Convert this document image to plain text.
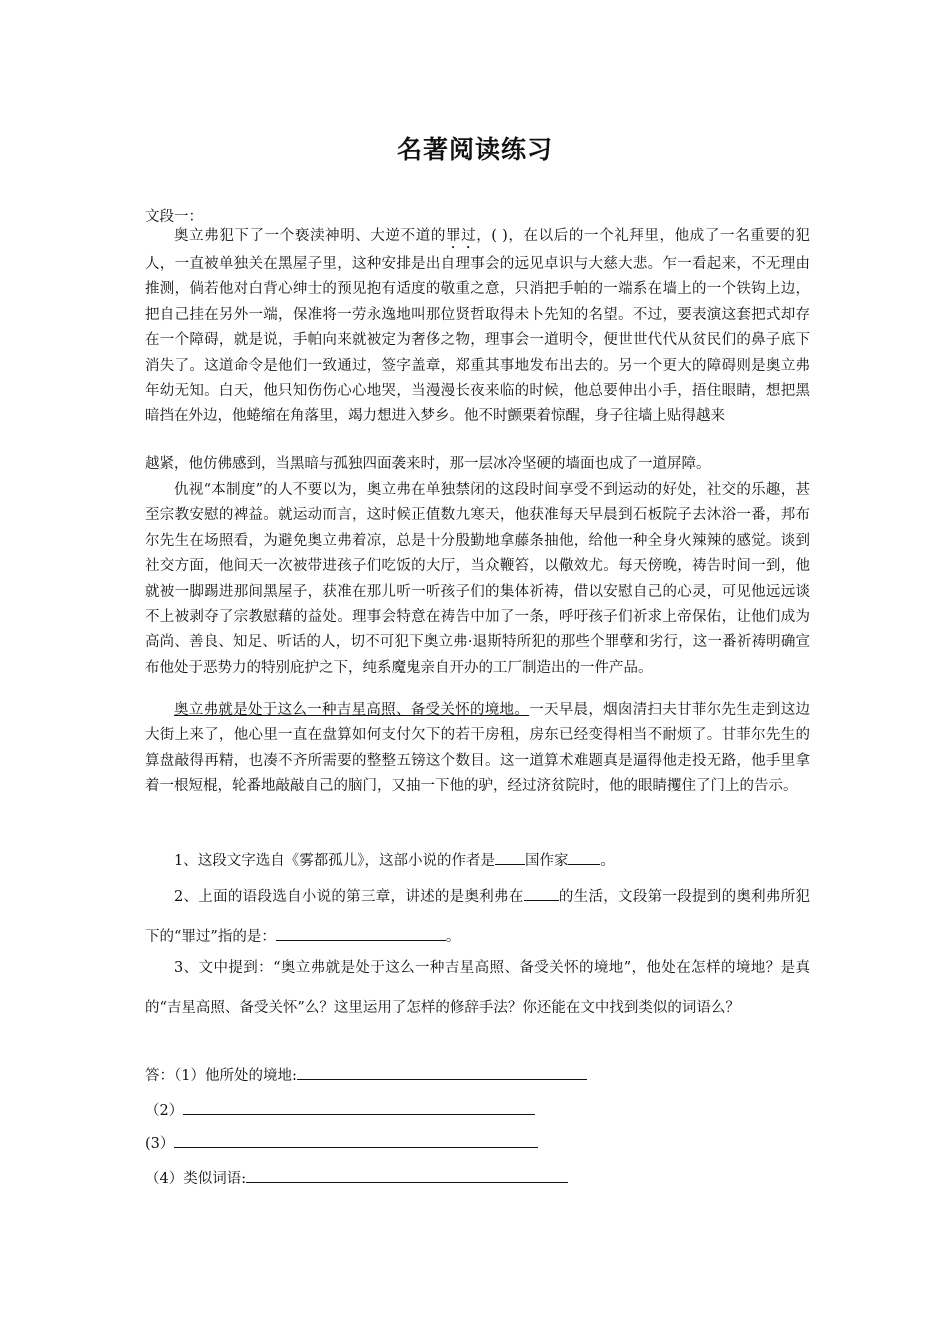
名著阅读练习
文段一：

奥立弗犯下了一个亵渎神明、大逆不道的罪过，( )，在以后的一个礼拜里，他成了一名重要的犯人，一直被单独关在黑屋子里，这种安排是出自理事会的远见卓识与大慈大悲。乍一看起来，不无理由推测，倘若他对白背心绅士的预见抱有适度的敬重之意，只消把手帕的一端系在墙上的一个铁钩上边，把自己挂在另外一端，保准将一劳永逸地叫那位贤哲取得未卜先知的名望。不过，要表演这套把式却存在一个障碍，就是说，手帕向来就被定为奢侈之物，理事会一道明令，便世世代代从贫民们的鼻子底下消失了。这道命令是他们一致通过，签字盖章，郑重其事地发布出去的。另一个更大的障碍则是奥立弗年幼无知。白天，他只知伤伤心心地哭，当漫漫长夜来临的时候，他总要伸出小手，捂住眼睛，想把黑暗挡在外边，他蜷缩在角落里，竭力想进入梦乡。他不时颤栗着惊醒，身子往墙上贴得越来

越紧，他仿佛感到，当黑暗与孤独四面袭来时，那一层冰冷坚硬的墙面也成了一道屏障。

仇视“本制度”的人不要以为，奥立弗在单独禁闭的这段时间享受不到运动的好处，社交的乐趣，甚至宗教安慰的裨益。就运动而言，这时候正值数九寒天，他获准每天早晨到石板院子去沐浴一番，邦布尔先生在场照看，为避免奥立弗着凉，总是十分殷勤地拿藤条抽他，给他一种全身火辣辣的感觉。谈到社交方面，他间天一次被带进孩子们吃饭的大厅，当众鞭笞，以儆效尤。每天傍晚，祷告时间一到，他就被一脚踢进那间黑屋子，获准在那儿听一听孩子们的集体祈祷，借以安慰自己的心灵，可见他远远谈不上被剥夺了宗教慰藉的益处。理事会特意在祷告中加了一条，呼吁孩子们祈求上帝保佑，让他们成为高尚、善良、知足、听话的人，切不可犯下奥立弗·退斯特所犯的那些个罪孽和劣行，这一番祈祷明确宣布他处于恶势力的特别庇护之下，纯系魔鬼亲自开办的工厂制造出的一件产品。

奥立弗就是处于这么一种吉星高照、备受关怀的境地。一天早晨，烟囱清扫夫甘菲尔先生走到这边大街上来了，他心里一直在盘算如何支付欠下的若干房租，房东已经变得相当不耐烦了。甘菲尔先生的算盘敲得再精，也凑不齐所需要的整整五镑这个数目。这一道算术难题真是逼得他走投无路，他手里拿着一根短棍，轮番地敲敲自己的脑门，又抽一下他的驴，经过济贫院时，他的眼睛攫住了门上的告示。

1、这段文字选自《雾都孤儿》，这部小说的作者是 国作家 。

2、上面的语段选自小说的第三章，讲述的是奥利弗在 的生活，文段第一段提到的奥利弗所犯下的“罪过”指的是：	。

3、文中提到：“奥立弗就是处于这么一种吉星高照、备受关怀的境地”，他处在怎样的境地？是真的“吉星高照、备受关怀”么？这里运用了怎样的修辞手法？你还能在文中找到类似的词语么？

答：（1）他所处的境地:
（2）
(3）
（4）类似词语:
